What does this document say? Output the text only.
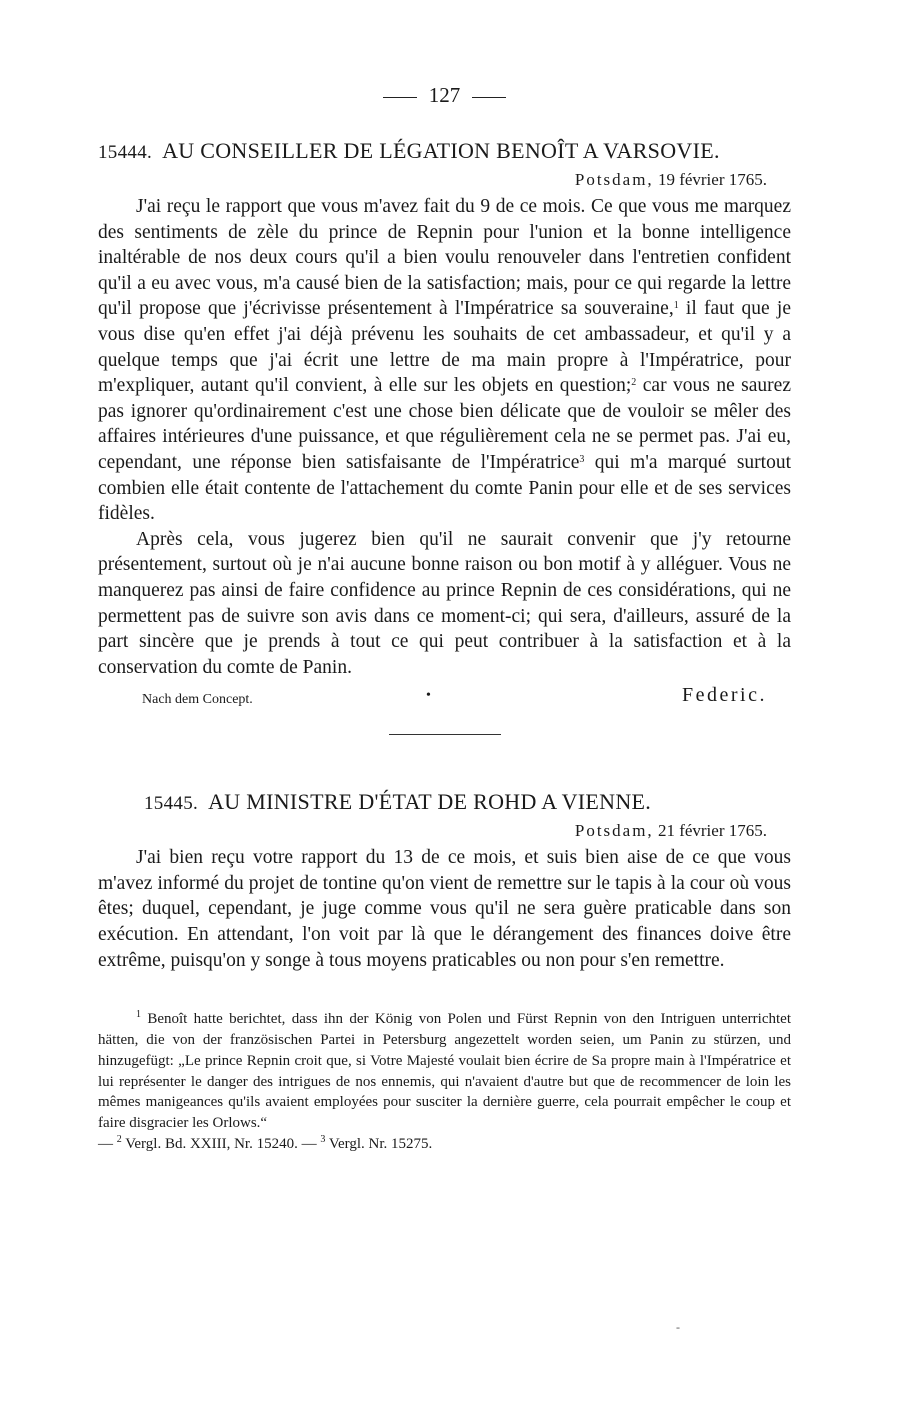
127
15444. AU CONSEILLER DE LÉGATION BENOÎT A VARSOVIE.
Potsdam, 19 février 1765.

J'ai reçu le rapport que vous m'avez fait du 9 de ce mois. Ce que vous me marquez des sentiments de zèle du prince de Repnin pour l'union et la bonne intelligence inaltérable de nos deux cours qu'il a bien voulu renouveler dans l'entretien confident qu'il a eu avec vous, m'a causé bien de la satisfaction; mais, pour ce qui regarde la lettre qu'il propose que j'écrivisse présentement à l'Impératrice sa souveraine,$^1$ il faut que je vous dise qu'en effet j'ai déjà prévenu les souhaits de cet ambassadeur, et qu'il y a quelque temps que j'ai écrit une lettre de ma main propre à l'Impératrice, pour m'expliquer, autant qu'il convient, à elle sur les objets en question;$^2$ car vous ne saurez pas ignorer qu'ordinairement c'est une chose bien délicate que de vouloir se mêler des affaires intérieures d'une puissance, et que régulièrement cela ne se permet pas. J'ai eu, cependant, une réponse bien satisfaisante de l'Impératrice$^3$ qui m'a marqué surtout combien elle était contente de l'attachement du comte Panin pour elle et de ses services fidèles.

Après cela, vous jugerez bien qu'il ne saurait convenir que j'y retourne présentement, surtout où je n'ai aucune bonne raison ou bon motif à y alléguer. Vous ne manquerez pas ainsi de faire confidence au prince Repnin de ces considérations, qui ne permettent pas de suivre son avis dans ce moment-ci; qui sera, d'ailleurs, assuré de la part sincère que je prends à tout ce qui peut contribuer à la satisfaction et à la conservation du comte de Panin.

Nach dem Concept.	•	Federic.
15445. AU MINISTRE D'ÉTAT DE ROHD A VIENNE.
Potsdam, 21 février 1765.

J'ai bien reçu votre rapport du 13 de ce mois, et suis bien aise de ce que vous m'avez informé du projet de tontine qu'on vient de remettre sur le tapis à la cour où vous êtes; duquel, cependant, je juge comme vous qu'il ne sera guère praticable dans son exécution. En attendant, l'on voit par là que le dérangement des finances doive être extrême, puisqu'on y songe à tous moyens praticables ou non pour s'en remettre.

$^1$ Benoît hatte berichtet, dass ihn der König von Polen und Fürst Repnin von den Intriguen unterrichtet hätten, die von der französischen Partei in Petersburg angezettelt worden seien, um Panin zu stürzen, und hinzugefügt: „Le prince Repnin croit que, si Votre Majesté voulait bien écrire de Sa propre main à l'Impératrice et lui représenter le danger des intrigues de nos ennemis, qui n'avaient d'autre but que de recommencer de loin les mêmes manigeances qu'ils avaient employées pour susciter la dernière guerre, cela pourrait empêcher le coup et faire disgracier les Orlows.“

— $^2$ Vergl. Bd. XXIII, Nr. 15240. — $^3$ Vergl. Nr. 15275.

-
